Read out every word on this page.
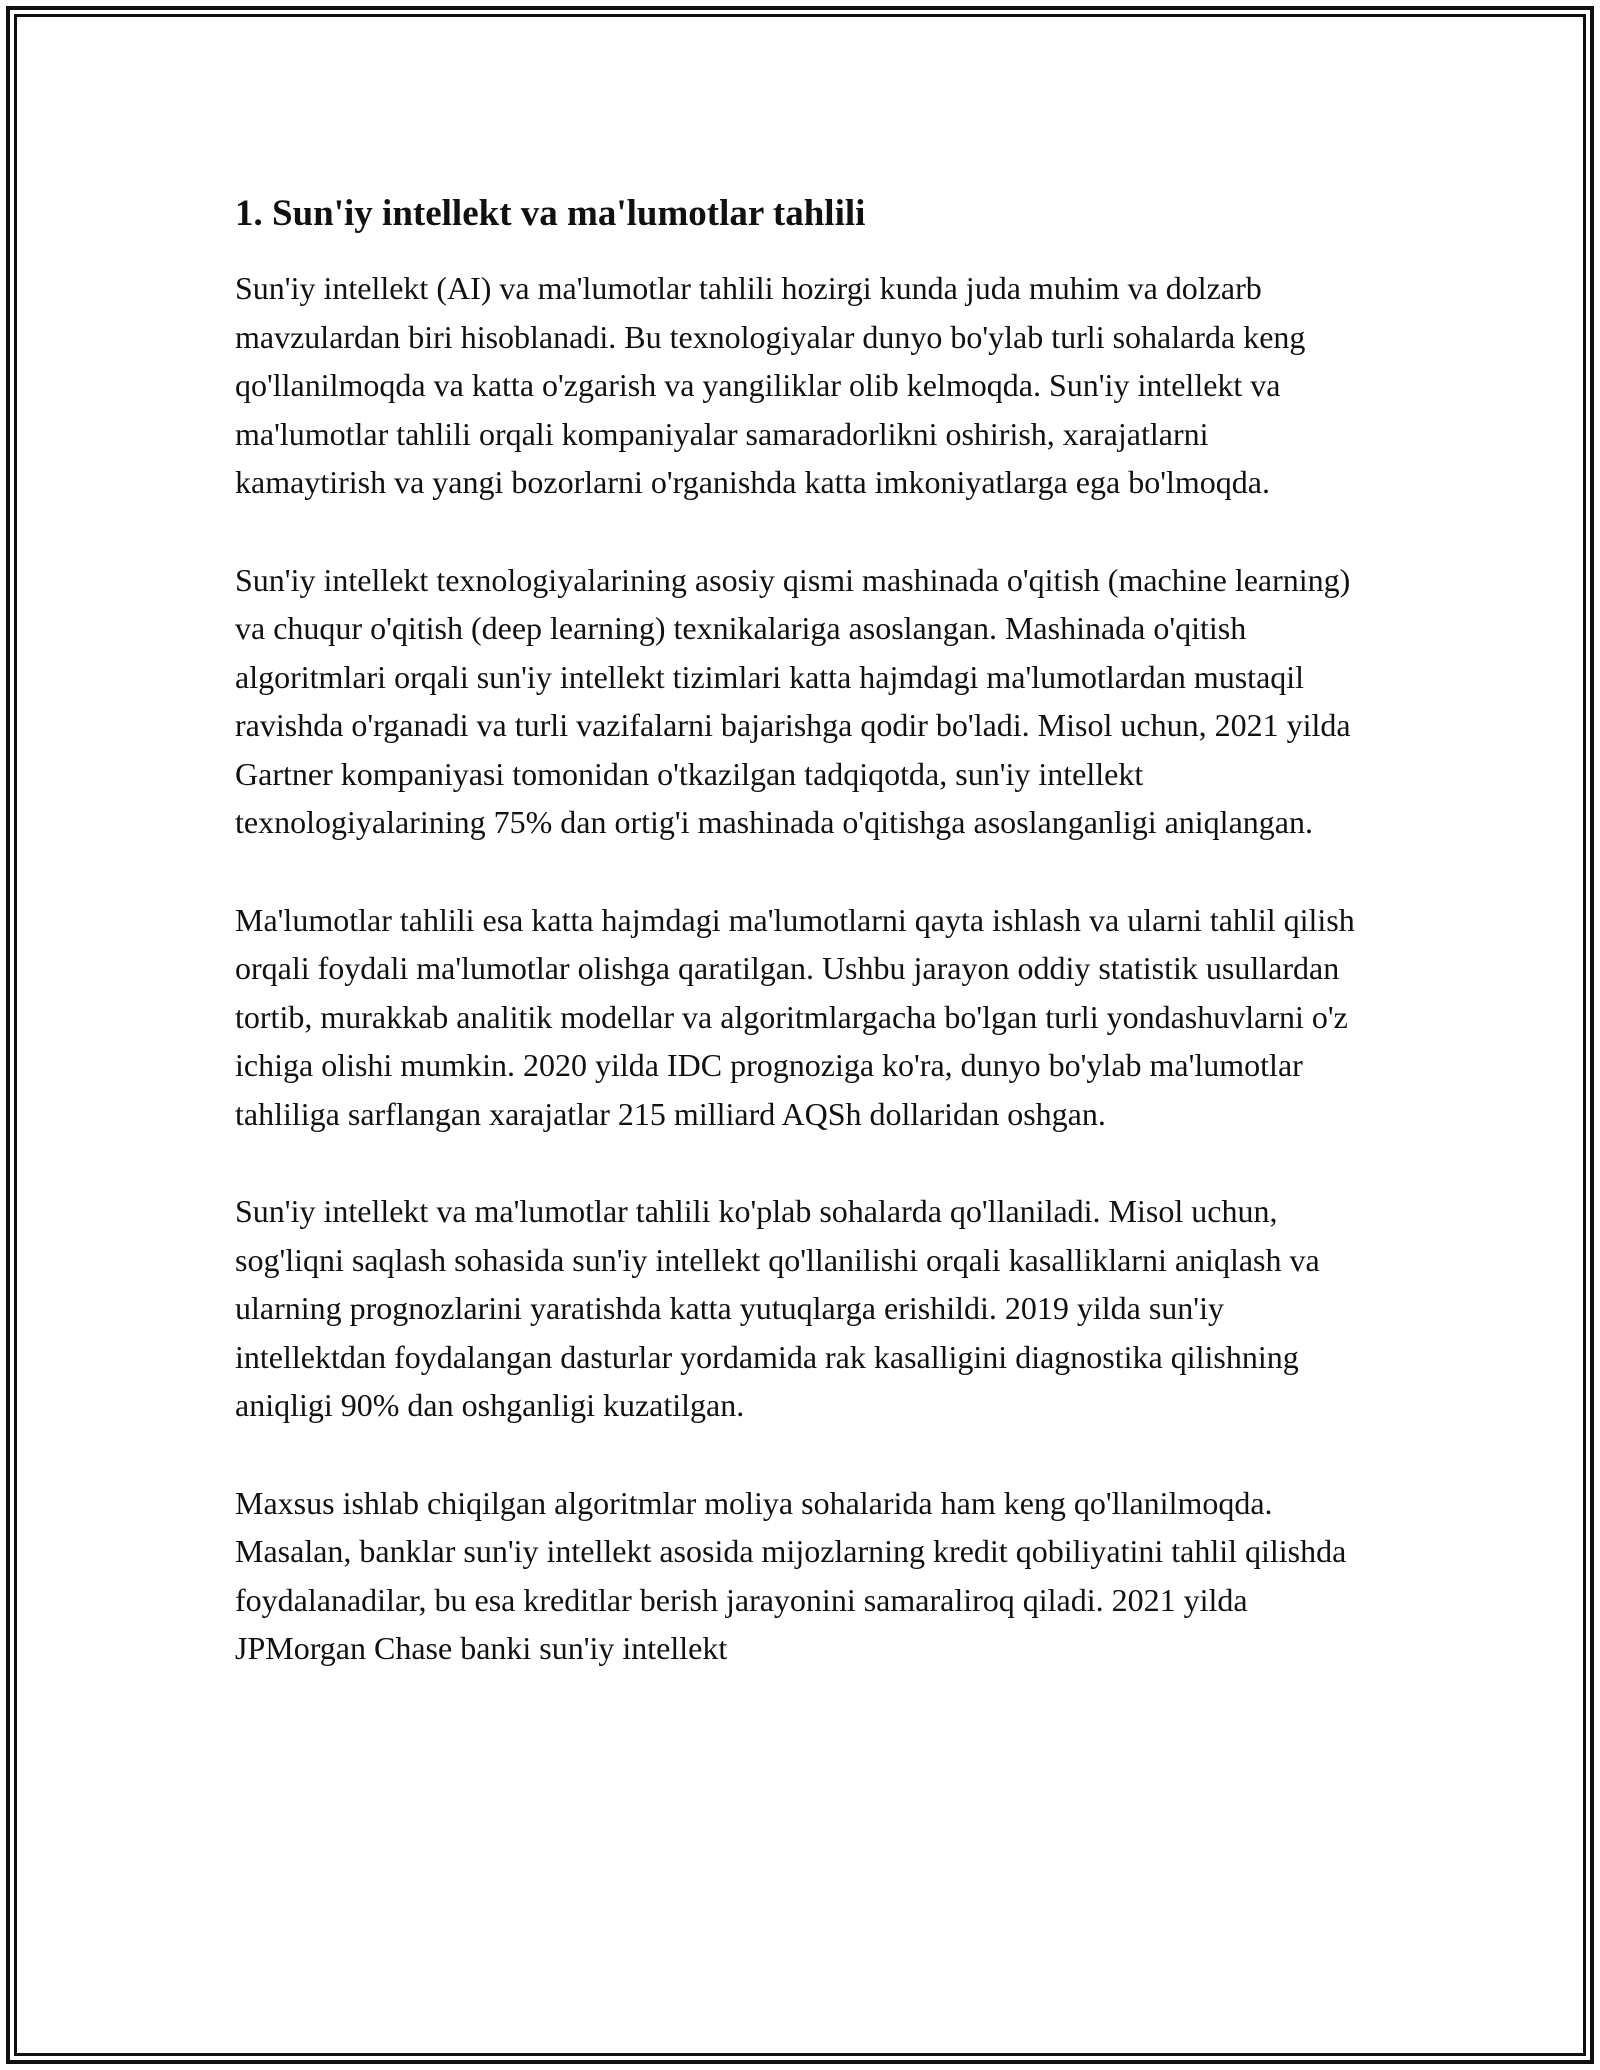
1. Sun'iy intellekt va ma'lumotlar tahlili

Sun'iy intellekt (AI) va ma'lumotlar tahlili hozirgi kunda juda muhim va dolzarb mavzulardan biri hisoblanadi. Bu texnologiyalar dunyo bo'ylab turli sohalarda keng qo'llanilmoqda va katta o'zgarish va yangiliklar olib kelmoqda. Sun'iy intellekt va ma'lumotlar tahlili orqali kompaniyalar samaradorlikni oshirish, xarajatlarni kamaytirish va yangi bozorlarni o'rganishda katta imkoniyatlarga ega bo'lmoqda.

Sun'iy intellekt texnologiyalarining asosiy qismi mashinada o'qitish (machine learning) va chuqur o'qitish (deep learning) texnikalariga asoslangan. Mashinada o'qitish algoritmlari orqali sun'iy intellekt tizimlari katta hajmdagi ma'lumotlardan mustaqil ravishda o'rganadi va turli vazifalarni bajarishga qodir bo'ladi. Misol uchun, 2021 yilda Gartner kompaniyasi tomonidan o'tkazilgan tadqiqotda, sun'iy intellekt texnologiyalarining 75% dan ortig'i mashinada o'qitishga asoslanganligi aniqlangan.

Ma'lumotlar tahlili esa katta hajmdagi ma'lumotlarni qayta ishlash va ularni tahlil qilish orqali foydali ma'lumotlar olishga qaratilgan. Ushbu jarayon oddiy statistik usullardan tortib, murakkab analitik modellar va algoritmlargacha bo'lgan turli yondashuvlarni o'z ichiga olishi mumkin. 2020 yilda IDC prognoziga ko'ra, dunyo bo'ylab ma'lumotlar tahliliga sarflangan xarajatlar 215 milliard AQSh dollaridan oshgan.

Sun'iy intellekt va ma'lumotlar tahlili ko'plab sohalarda qo'llaniladi. Misol uchun, sog'liqni saqlash sohasida sun'iy intellekt qo'llanilishi orqali kasalliklarni aniqlash va ularning prognozlarini yaratishda katta yutuqlarga erishildi. 2019 yilda sun'iy intellektdan foydalangan dasturlar yordamida rak kasalligini diagnostika qilishning aniqligi 90% dan oshganligi kuzatilgan.

Maxsus ishlab chiqilgan algoritmlar moliya sohalarida ham keng qo'llanilmoqda. Masalan, banklar sun'iy intellekt asosida mijozlarning kredit qobiliyatini tahlil qilishda foydalanadilar, bu esa kreditlar berish jarayonini samaraliroq qiladi. 2021 yilda JPMorgan Chase banki sun'iy intellekt
